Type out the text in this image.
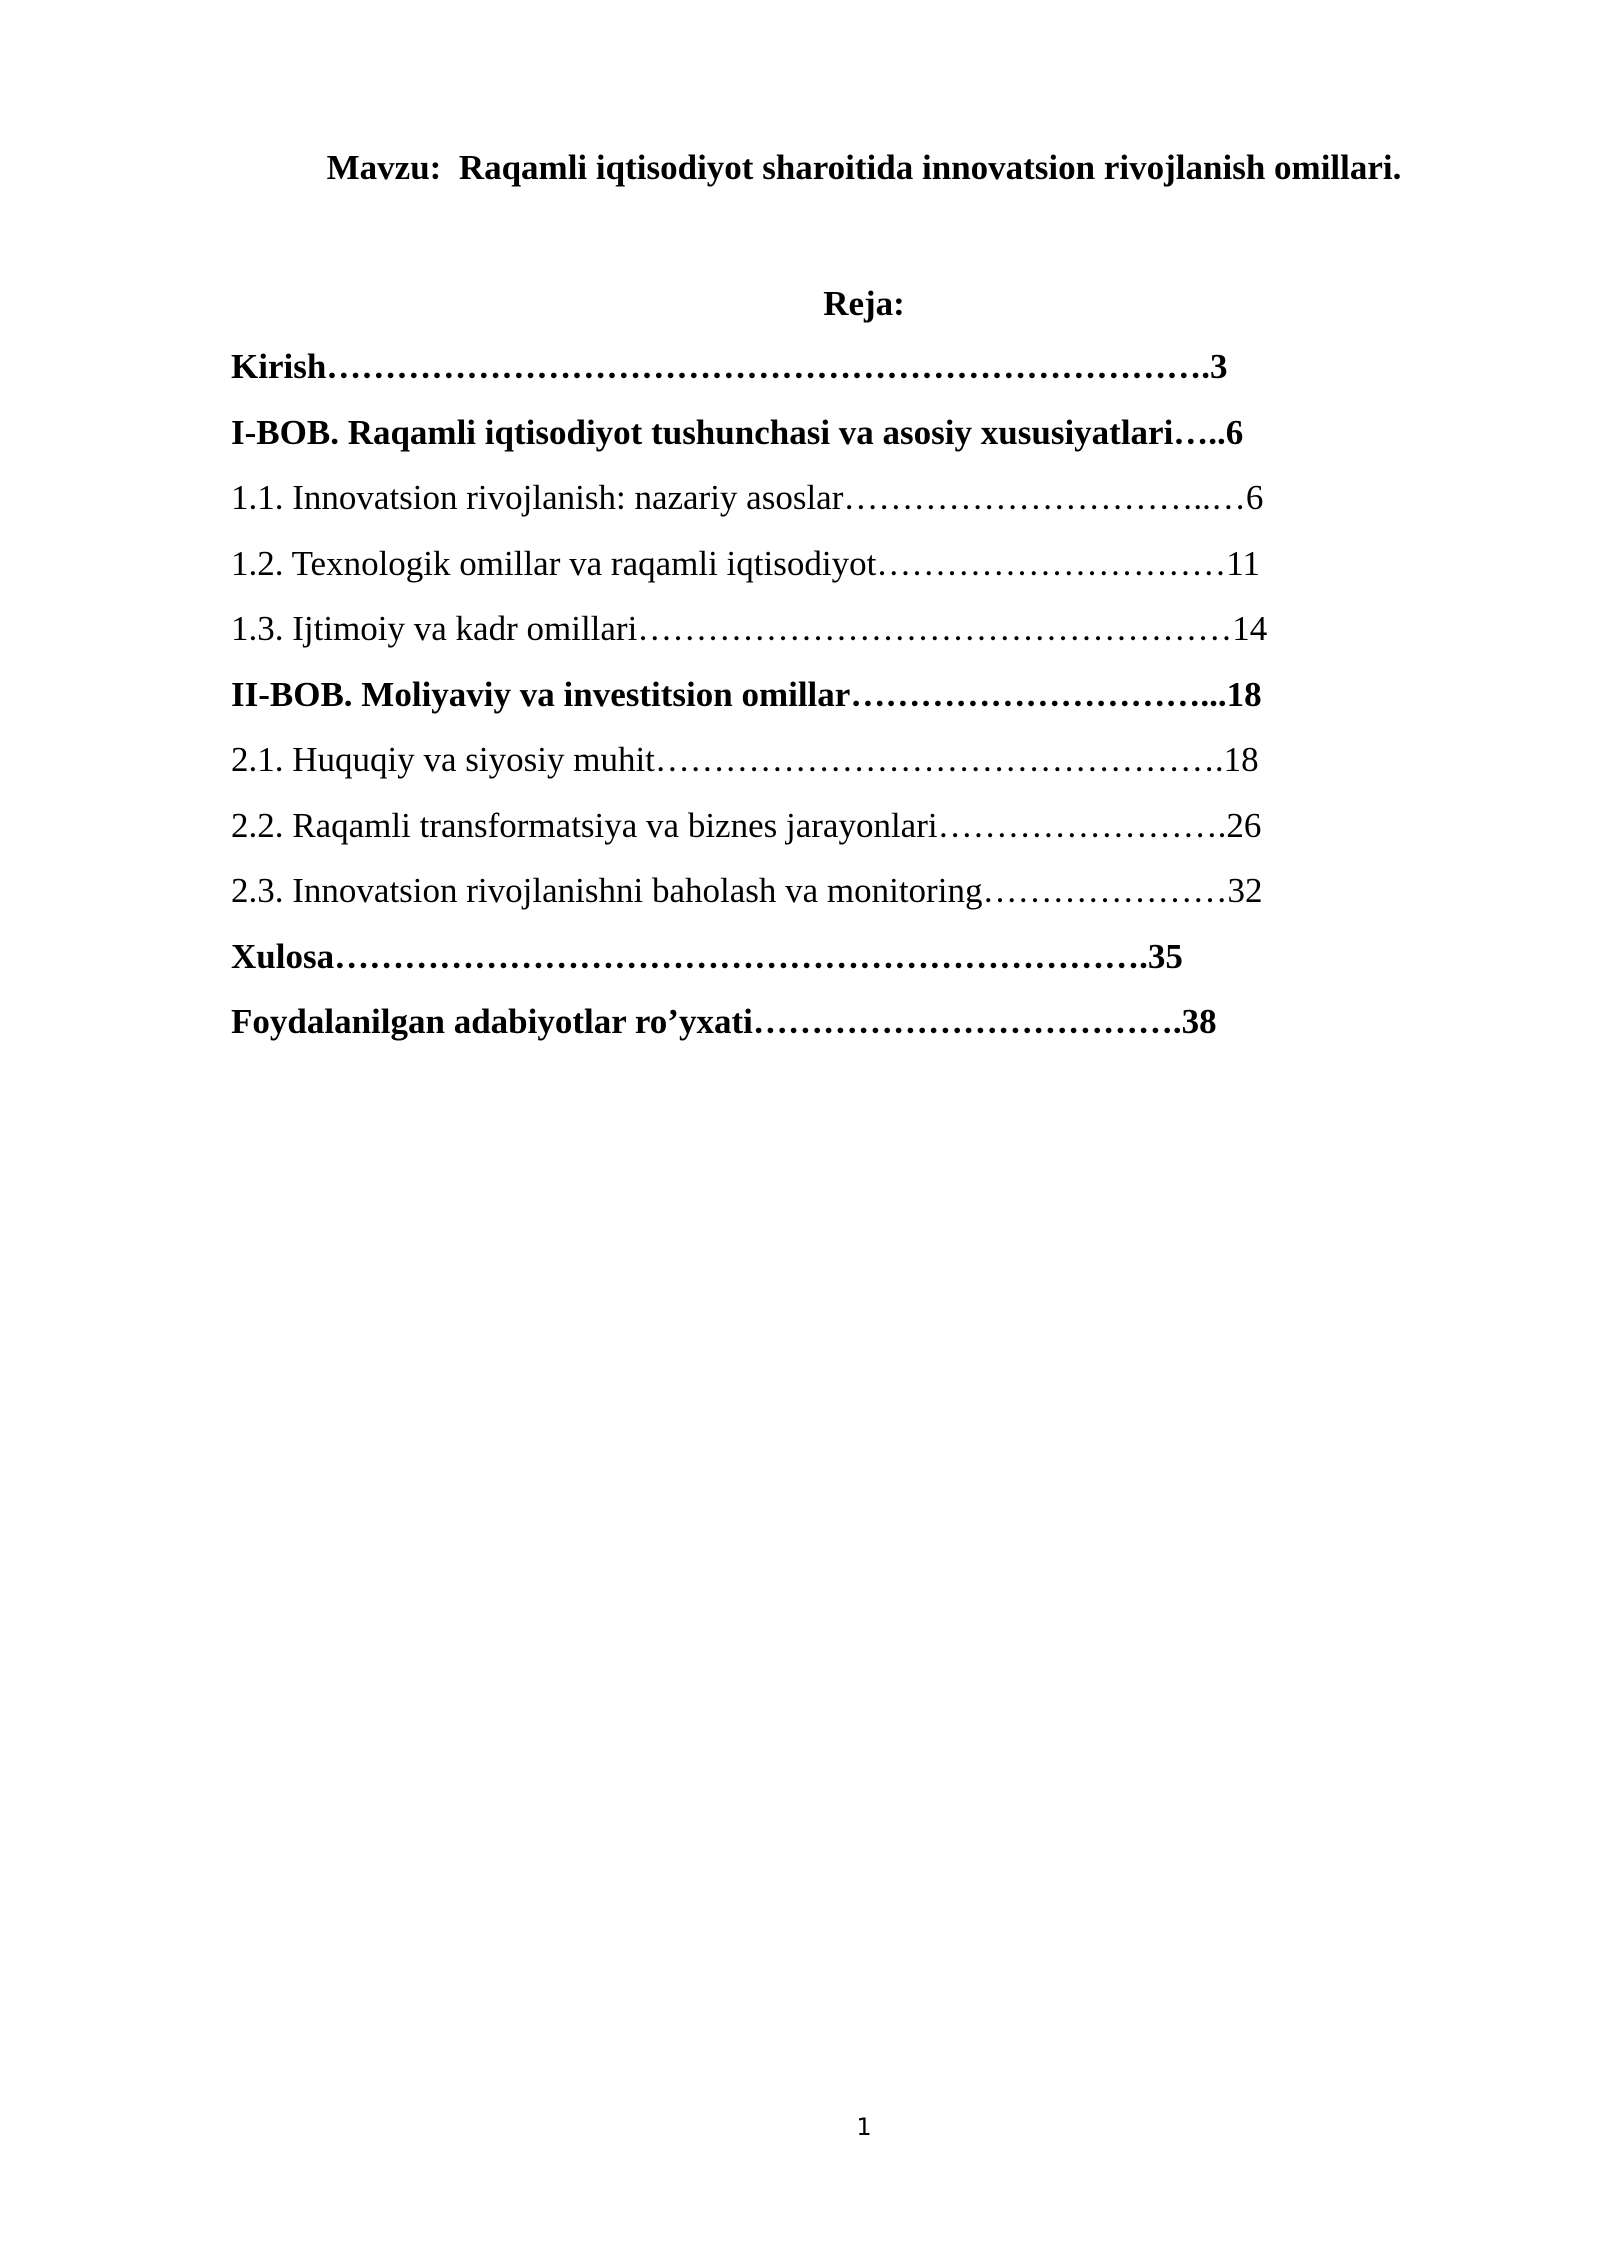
Mavzu:  Raqamli iqtisodiyot sharoitida innovatsion rivojlanish omillari.
Reja:
Kirish………………………………………………………………….3
I-BOB. Raqamli iqtisodiyot tushunchasi va asosiy xususiyatlari…..6
1.1. Innovatsion rivojlanish: nazariy asoslar…………………………..…6
1.2. Texnologik omillar va raqamli iqtisodiyot…………………………11
1.3. Ijtimoiy va kadr omillari……………………………………………14
II-BOB. Moliyaviy va investitsion omillar…………………………...18
2.1. Huquqiy va siyosiy muhit………………………………………….18
2.2. Raqamli transformatsiya va biznes jarayonlari…………………….26
2.3. Innovatsion rivojlanishni baholash va monitoring…………………32
Xulosa…………………………………………………………….35
Foydalanilgan adabiyotlar ro’yxati……………………………….38
1
